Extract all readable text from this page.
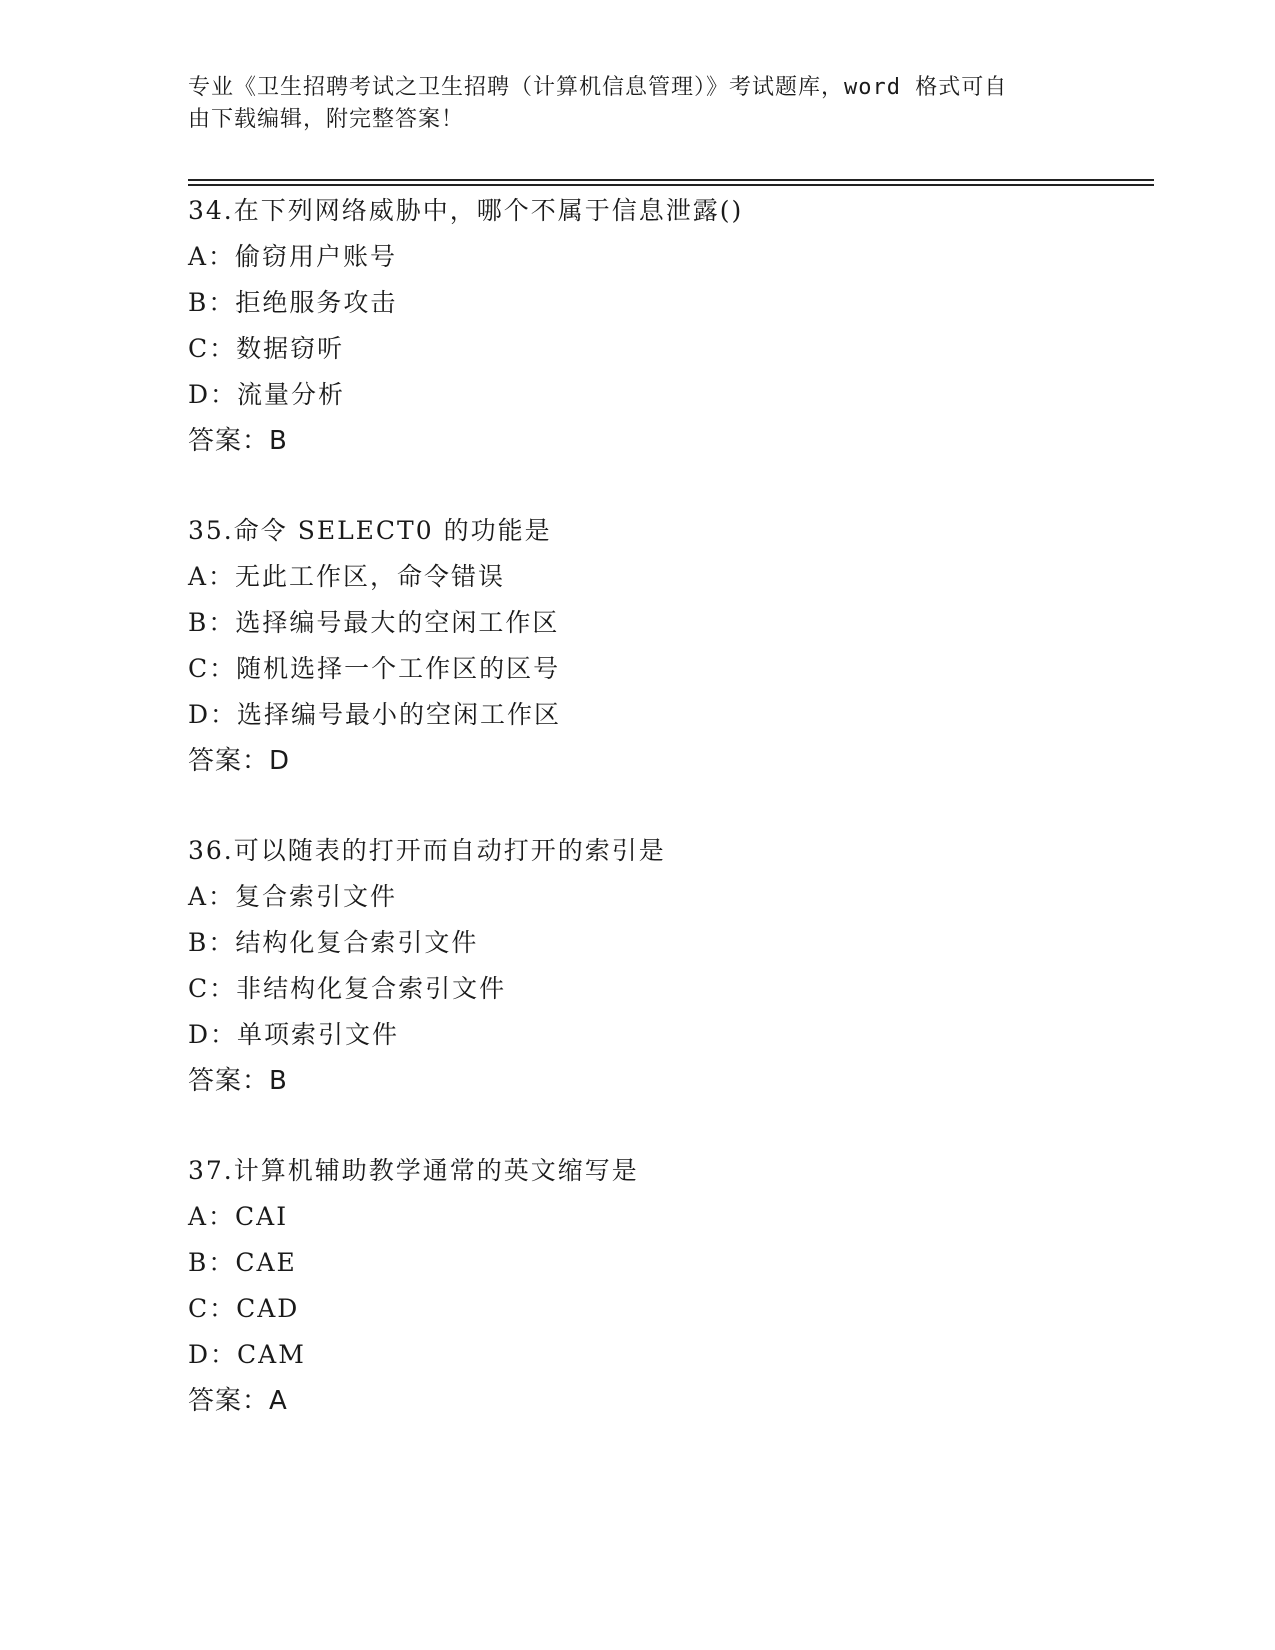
专业《卫生招聘考试之卫生招聘（计算机信息管理）》考试题库，word 格式可自
由下载编辑，附完整答案！
34.在下列网络威胁中，哪个不属于信息泄露()
A：偷窃用户账号
B：拒绝服务攻击
C：数据窃听
D：流量分析
答案：B
35.命令 SELECT0 的功能是
A：无此工作区，命令错误
B：选择编号最大的空闲工作区
C：随机选择一个工作区的区号
D：选择编号最小的空闲工作区
答案：D
36.可以随表的打开而自动打开的索引是
A：复合索引文件
B：结构化复合索引文件
C：非结构化复合索引文件
D：单项索引文件
答案：B
37.计算机辅助教学通常的英文缩写是
A：CAI
B：CAE
C：CAD
D：CAM
答案：A
